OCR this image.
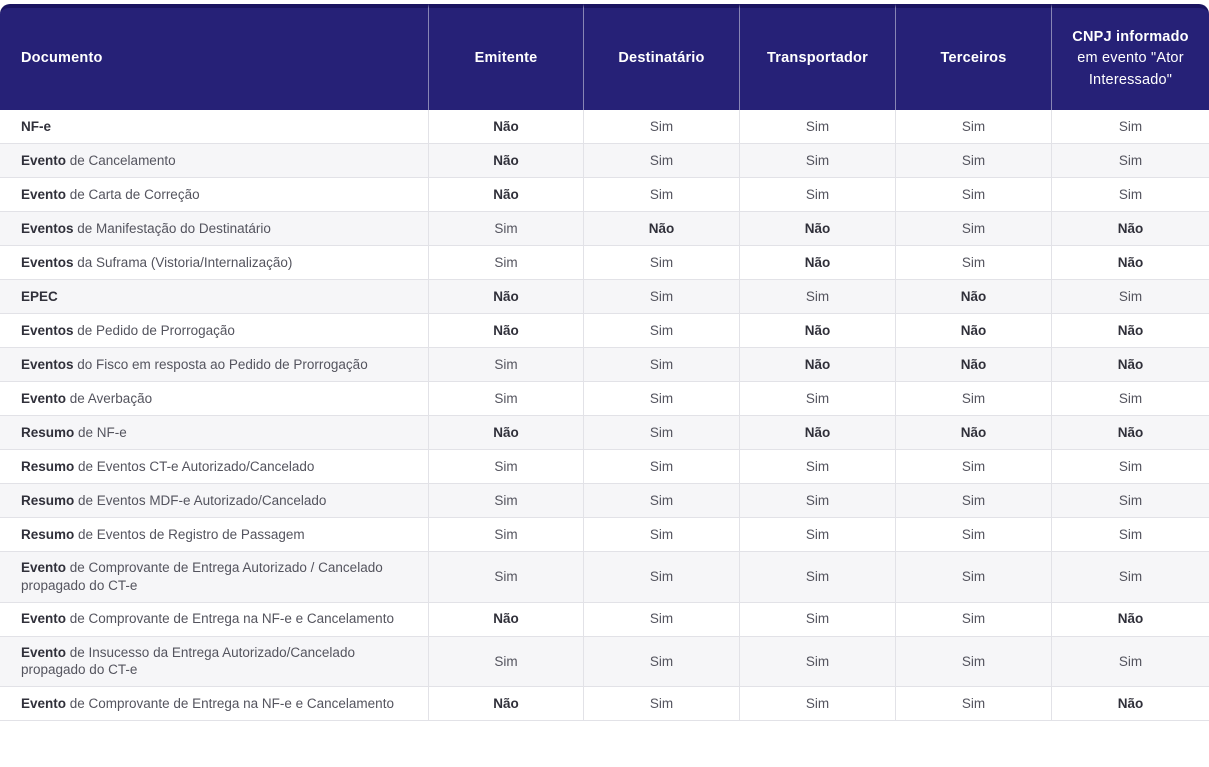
Documento	Emitente	Destinatário	Transportador	Terceiros	CNPJ informado em evento "Ator Interessado"
NF-e	Não	Sim	Sim	Sim	Sim
Evento de Cancelamento	Não	Sim	Sim	Sim	Sim
Evento de Carta de Correção	Não	Sim	Sim	Sim	Sim
Eventos de Manifestação do Destinatário	Sim	Não	Não	Sim	Não
Eventos da Suframa (Vistoria/Internalização)	Sim	Sim	Não	Sim	Não
EPEC	Não	Sim	Sim	Não	Sim
Eventos de Pedido de Prorrogação	Não	Sim	Não	Não	Não
Eventos do Fisco em resposta ao Pedido de Prorrogação	Sim	Sim	Não	Não	Não
Evento de Averbação	Sim	Sim	Sim	Sim	Sim
Resumo de NF-e	Não	Sim	Não	Não	Não
Resumo de Eventos CT-e Autorizado/Cancelado	Sim	Sim	Sim	Sim	Sim
Resumo de Eventos MDF-e Autorizado/Cancelado	Sim	Sim	Sim	Sim	Sim
Resumo de Eventos de Registro de Passagem	Sim	Sim	Sim	Sim	Sim
Evento de Comprovante de Entrega Autorizado / Cancelado propagado do CT-e	Sim	Sim	Sim	Sim	Sim
Evento de Comprovante de Entrega na NF-e e Cancelamento	Não	Sim	Sim	Sim	Não
Evento de Insucesso da Entrega Autorizado/Cancelado propagado do CT-e	Sim	Sim	Sim	Sim	Sim
Evento de Comprovante de Entrega na NF-e e Cancelamento	Não	Sim	Sim	Sim	Não
